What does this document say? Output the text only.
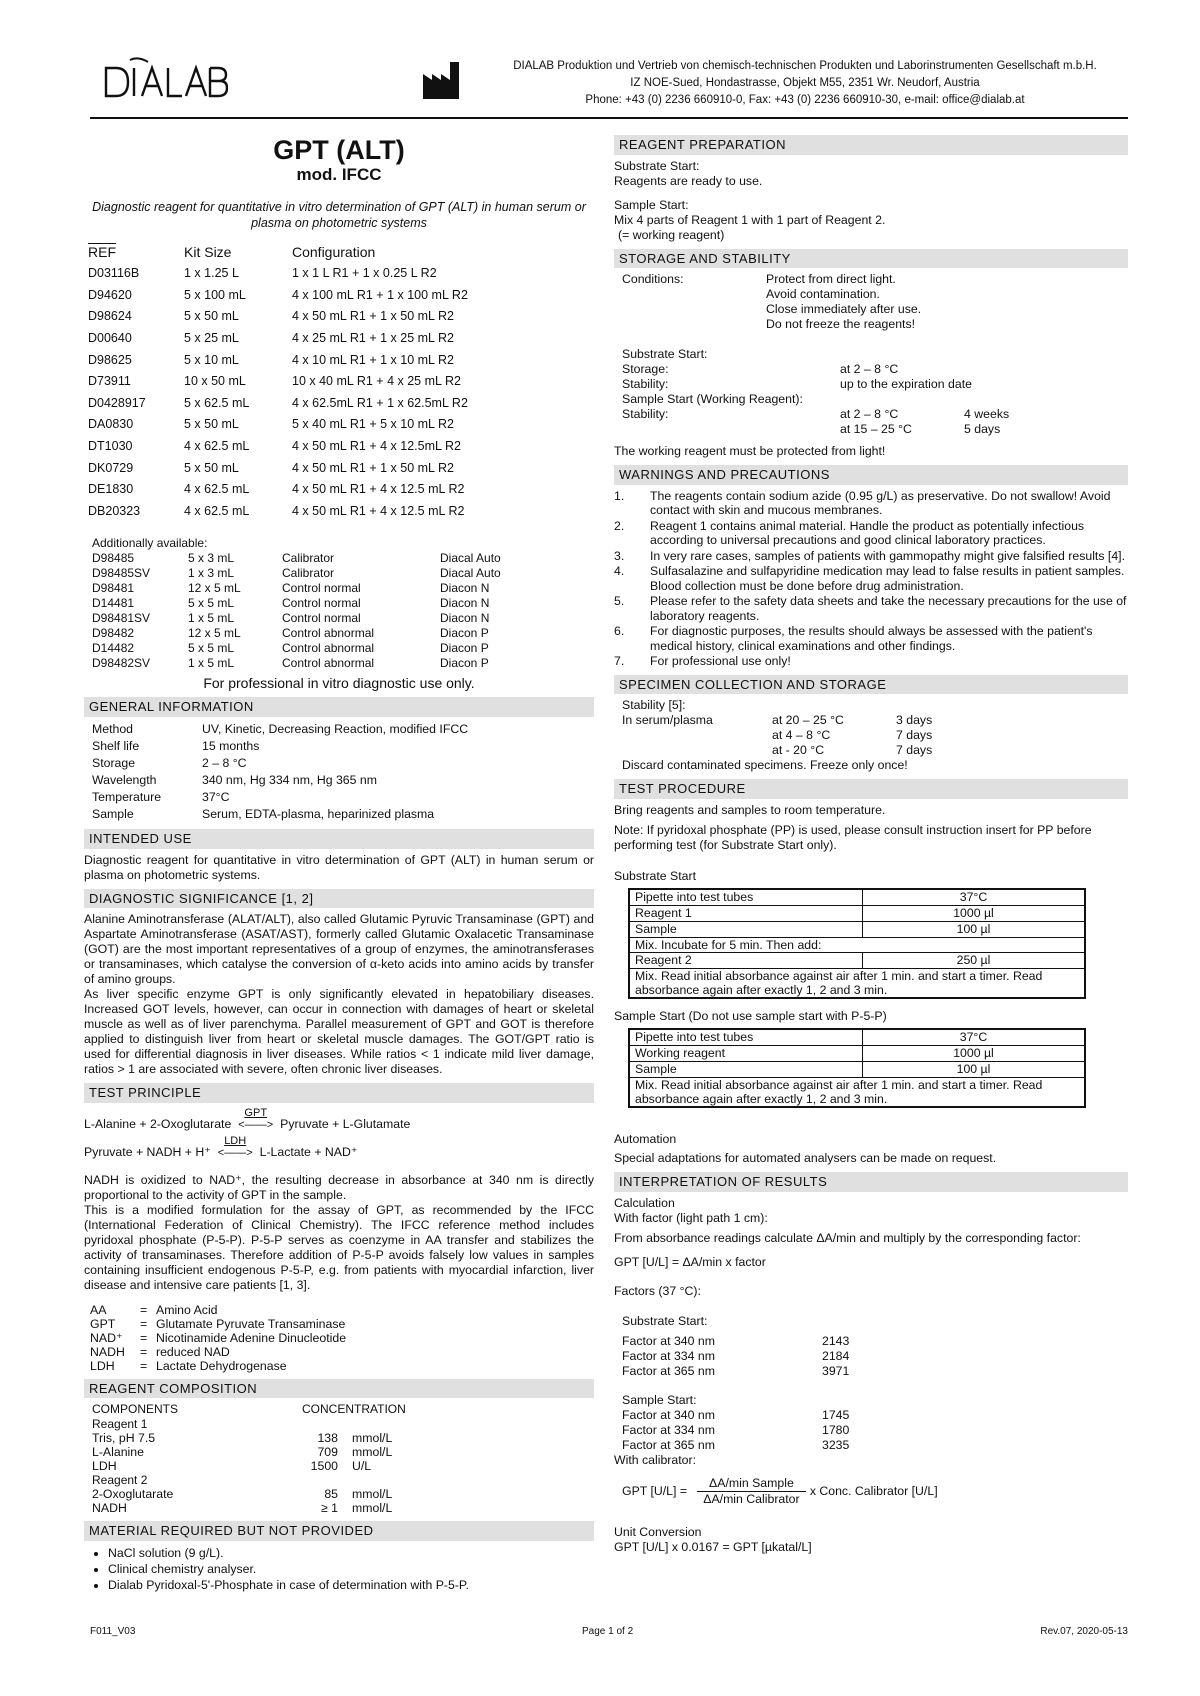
DIALAB Produktion und Vertrieb von chemisch-technischen Produkten und Laborinstrumenten Gesellschaft m.b.H.
IZ NOE-Sued, Hondastrasse, Objekt M55, 2351 Wr. Neudorf, Austria
Phone: +43 (0) 2236 660910-0, Fax: +43 (0) 2236 660910-30, e-mail: office@dialab.at
GPT (ALT)
mod. IFCC
Diagnostic reagent for quantitative in vitro determination of GPT (ALT) in human serum or plasma on photometric systems
REF	Kit Size	Configuration
D03116B	1 x 1.25 L	1 x 1 L R1 + 1 x 0.25 L R2
D94620	5 x 100 mL	4 x 100 mL R1 + 1 x 100 mL R2
D98624	5 x 50 mL	4 x 50 mL R1 + 1 x 50 mL R2
D00640	5 x 25 mL	4 x 25 mL R1 + 1 x 25 mL R2
D98625	5 x 10 mL	4 x 10 mL R1 + 1 x 10 mL R2
D73911	10 x 50 mL	10 x 40 mL R1 + 4 x 25 mL R2
D0428917	5 x 62.5 mL	4 x 62.5mL R1 + 1 x 62.5mL R2
DA0830	5 x 50 mL	5 x 40 mL R1 + 5 x 10 mL R2
DT1030	4 x 62.5 mL	4 x 50 mL R1 + 4 x 12.5mL R2
DK0729	5 x 50 mL	4 x 50 mL R1 + 1 x 50 mL R2
DE1830	4 x 62.5 mL	4 x 50 mL R1 + 4 x 12.5 mL R2
DB20323	4 x 62.5 mL	4 x 50 mL R1 + 4 x 12.5 mL R2
Additionally available:
D98485	5 x 3 mL	Calibrator	Diacal Auto
D98485SV	1 x 3 mL	Calibrator	Diacal Auto
D98481	12 x 5 mL	Control normal	Diacon N
D14481	5 x 5 mL	Control normal	Diacon N
D98481SV	1 x 5 mL	Control normal	Diacon N
D98482	12 x 5 mL	Control abnormal	Diacon P
D14482	5 x 5 mL	Control abnormal	Diacon P
D98482SV	1 x 5 mL	Control abnormal	Diacon P
For professional in vitro diagnostic use only.
GENERAL INFORMATION
Method	UV, Kinetic, Decreasing Reaction, modified IFCC
Shelf life	15 months
Storage	2 – 8 °C
Wavelength	340 nm, Hg 334 nm, Hg 365 nm
Temperature	37°C
Sample	Serum, EDTA-plasma, heparinized plasma
INTENDED USE
Diagnostic reagent for quantitative in vitro determination of GPT (ALT) in human serum or plasma on photometric systems.
DIAGNOSTIC SIGNIFICANCE [1, 2]
Alanine Aminotransferase (ALAT/ALT), also called Glutamic Pyruvic Transaminase (GPT) and Aspartate Aminotransferase (ASAT/AST), formerly called Glutamic Oxalacetic Transaminase (GOT) are the most important representatives of a group of enzymes, the aminotransferases or transaminases, which catalyse the conversion of α-keto acids into amino acids by transfer of amino groups.
As liver specific enzyme GPT is only significantly elevated in hepatobiliary diseases. Increased GOT levels, however, can occur in connection with damages of heart or skeletal muscle as well as of liver parenchyma. Parallel measurement of GPT and GOT is therefore applied to distinguish liver from heart or skeletal muscle damages. The GOT/GPT ratio is used for differential diagnosis in liver diseases. While ratios < 1 indicate mild liver damage, ratios > 1 are associated with severe, often chronic liver diseases.
TEST PRINCIPLE
L-Alanine + 2-Oxoglutarate
GPT
<——> Pyruvate + L-Glutamate
Pyruvate + NADH + H⁺
LDH
<——> L-Lactate + NAD⁺
NADH is oxidized to NAD⁺, the resulting decrease in absorbance at 340 nm is directly proportional to the activity of GPT in the sample.
This is a modified formulation for the assay of GPT, as recommended by the IFCC (International Federation of Clinical Chemistry). The IFCC reference method includes pyridoxal phosphate (P-5-P). P-5-P serves as coenzyme in AA transfer and stabilizes the activity of transaminases. Therefore addition of P-5-P avoids falsely low values in samples containing insufficient endogenous P-5-P, e.g. from patients with myocardial infarction, liver disease and intensive care patients [1, 3].
AA	=	Amino Acid
GPT	=	Glutamate Pyruvate Transaminase
NAD⁺	=	Nicotinamide Adenine Dinucleotide
NADH	=	reduced NAD
LDH	=	Lactate Dehydrogenase
REAGENT COMPOSITION
COMPONENTS	CONCENTRATION
Reagent 1
Tris, pH 7.5	138 mmol/L
L-Alanine	709 mmol/L
LDH	1500 U/L
Reagent 2
2-Oxoglutarate	85 mmol/L
NADH	≥ 1 mmol/L
MATERIAL REQUIRED BUT NOT PROVIDED
• NaCl solution (9 g/L).
• Clinical chemistry analyser.
• Dialab Pyridoxal-5'-Phosphate in case of determination with P-5-P.
REAGENT PREPARATION
Substrate Start:
Reagents are ready to use.
Sample Start:
Mix 4 parts of Reagent 1 with 1 part of Reagent 2.
(= working reagent)
STORAGE AND STABILITY
Conditions:	Protect from direct light.
Avoid contamination.
Close immediately after use.
Do not freeze the reagents!
Substrate Start:
Storage:	at 2 – 8 °C
Stability:	up to the expiration date
Sample Start (Working Reagent):
Stability:	at 2 – 8 °C	4 weeks
at 15 – 25 °C	5 days
The working reagent must be protected from light!
WARNINGS AND PRECAUTIONS
1.	The reagents contain sodium azide (0.95 g/L) as preservative. Do not swallow! Avoid contact with skin and mucous membranes.
2.	Reagent 1 contains animal material. Handle the product as potentially infectious according to universal precautions and good clinical laboratory practices.
3.	In very rare cases, samples of patients with gammopathy might give falsified results [4].
4.	Sulfasalazine and sulfapyridine medication may lead to false results in patient samples. Blood collection must be done before drug administration.
5.	Please refer to the safety data sheets and take the necessary precautions for the use of laboratory reagents.
6.	For diagnostic purposes, the results should always be assessed with the patient's medical history, clinical examinations and other findings.
7.	For professional use only!
SPECIMEN COLLECTION AND STORAGE
Stability [5]:
In serum/plasma	at 20 – 25 °C	3 days
at 4 – 8 °C	7 days
at - 20 °C	7 days
Discard contaminated specimens. Freeze only once!
TEST PROCEDURE
Bring reagents and samples to room temperature.
Note: If pyridoxal phosphate (PP) is used, please consult instruction insert for PP before performing test (for Substrate Start only).
Substrate Start
Pipette into test tubes	37°C
Reagent 1	1000 µl
Sample	100 µl
Mix. Incubate for 5 min. Then add:
Reagent 2	250 µl
Mix. Read initial absorbance against air after 1 min. and start a timer. Read absorbance again after exactly 1, 2 and 3 min.
Sample Start (Do not use sample start with P-5-P)
Pipette into test tubes	37°C
Working reagent	1000 µl
Sample	100 µl
Mix. Read initial absorbance against air after 1 min. and start a timer. Read absorbance again after exactly 1, 2 and 3 min.
Automation
Special adaptations for automated analysers can be made on request.
INTERPRETATION OF RESULTS
Calculation
With factor (light path 1 cm):
From absorbance readings calculate ΔA/min and multiply by the corresponding factor:
GPT [U/L] = ΔA/min x factor
Factors (37 °C):
Substrate Start:
Factor at 340 nm	2143
Factor at 334 nm	2184
Factor at 365 nm	3971
Sample Start:
Factor at 340 nm	1745
Factor at 334 nm	1780
Factor at 365 nm	3235
With calibrator:
GPT $[U/L] = \frac{\text{ΔA/min Sample}}{\text{ΔA/min Calibrator}}$ x Conc. Calibrator [U/L]
Unit Conversion
GPT [U/L] x 0.0167 = GPT [µkatal/L]
F011_V03	Page 1 of 2	Rev.07, 2020-05-13
